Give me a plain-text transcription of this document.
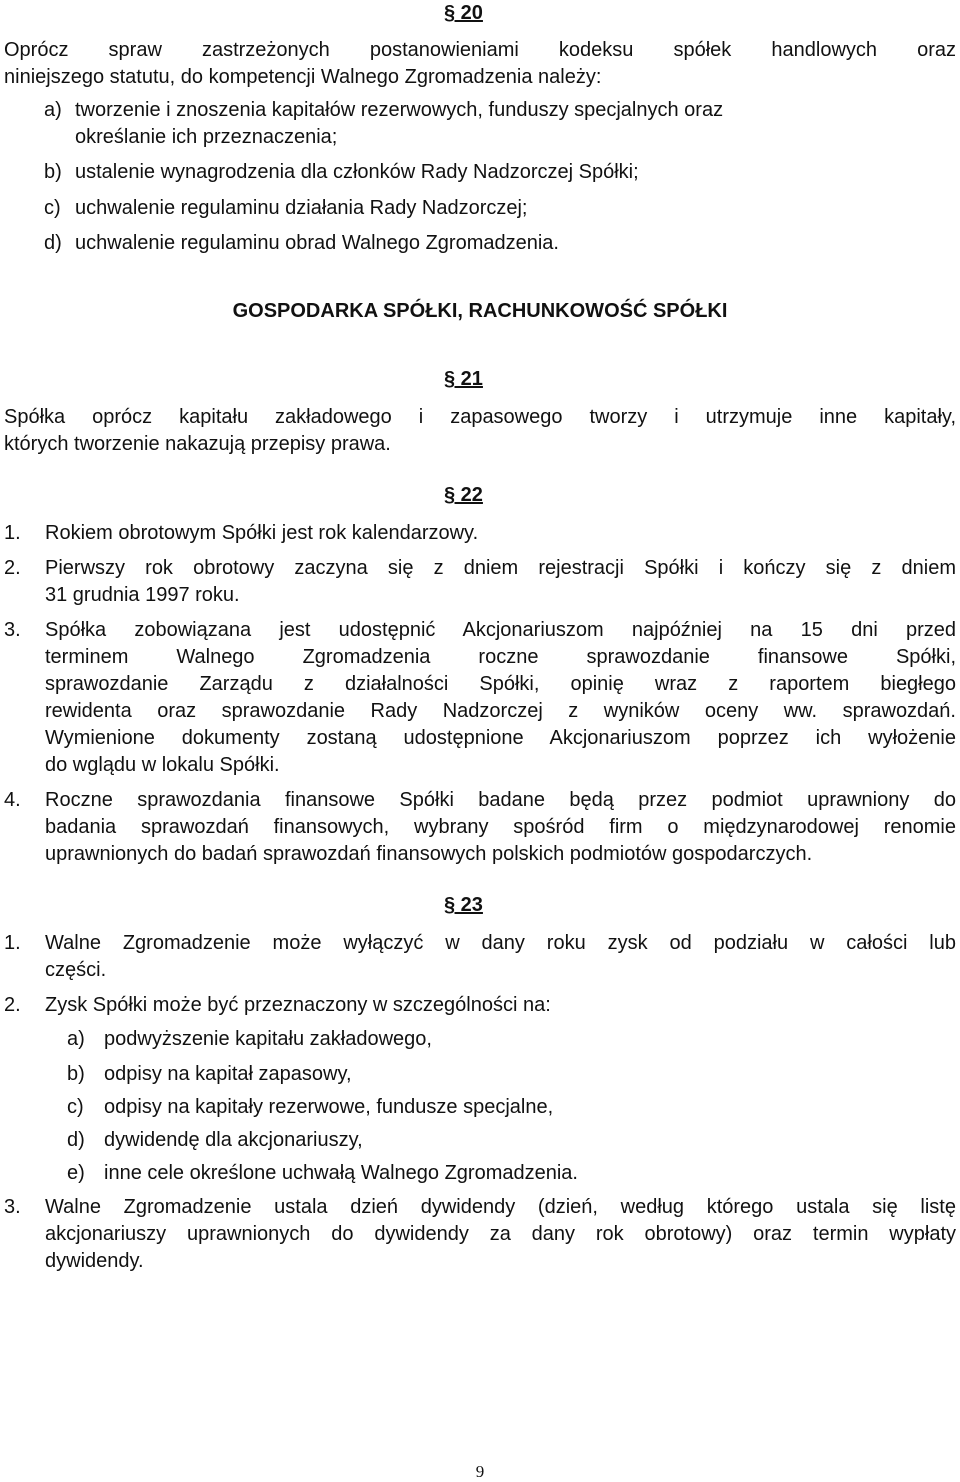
§ 20
Oprócz spraw zastrzeżonych postanowieniami kodeksu spółek handlowych oraz
niniejszego statutu, do kompetencji Walnego Zgromadzenia należy:
a) tworzenie i znoszenia kapitałów rezerwowych, funduszy specjalnych oraz
określanie ich przeznaczenia;
b) ustalenie wynagrodzenia dla członków Rady Nadzorczej Spółki;
c) uchwalenie regulaminu działania Rady Nadzorczej;
d) uchwalenie regulaminu obrad Walnego Zgromadzenia.
GOSPODARKA SPÓŁKI, RACHUNKOWOŚĆ SPÓŁKI
§ 21
Spółka oprócz kapitału zakładowego i zapasowego tworzy i utrzymuje inne kapitały,
których tworzenie nakazują przepisy prawa.
§ 22
1. Rokiem obrotowym Spółki jest rok kalendarzowy.
2. Pierwszy rok obrotowy zaczyna się z dniem rejestracji Spółki i kończy się z dniem
31 grudnia 1997 roku.
3. Spółka zobowiązana jest udostępnić Akcjonariuszom najpóźniej na 15 dni przed
terminem Walnego Zgromadzenia roczne sprawozdanie finansowe Spółki,
sprawozdanie Zarządu z działalności Spółki, opinię wraz z raportem biegłego
rewidenta oraz sprawozdanie Rady Nadzorczej z wyników oceny ww. sprawozdań.
Wymienione dokumenty zostaną udostępnione Akcjonariuszom poprzez ich wyłożenie
do wglądu w lokalu Spółki.
4. Roczne sprawozdania finansowe Spółki badane będą przez podmiot uprawniony do
badania sprawozdań finansowych, wybrany spośród firm o międzynarodowej renomie
uprawnionych do badań sprawozdań finansowych polskich podmiotów gospodarczych.
§ 23
1. Walne Zgromadzenie może wyłączyć w dany roku zysk od podziału w całości lub
części.
2. Zysk Spółki może być przeznaczony w szczególności na:
a) podwyższenie kapitału zakładowego,
b) odpisy na kapitał zapasowy,
c) odpisy na kapitały rezerwowe, fundusze specjalne,
d) dywidendę dla akcjonariuszy,
e) inne cele określone uchwałą Walnego Zgromadzenia.
3. Walne Zgromadzenie ustala dzień dywidendy (dzień, według którego ustala się listę
akcjonariuszy uprawnionych do dywidendy za dany rok obrotowy) oraz termin wypłaty
dywidendy.
9
